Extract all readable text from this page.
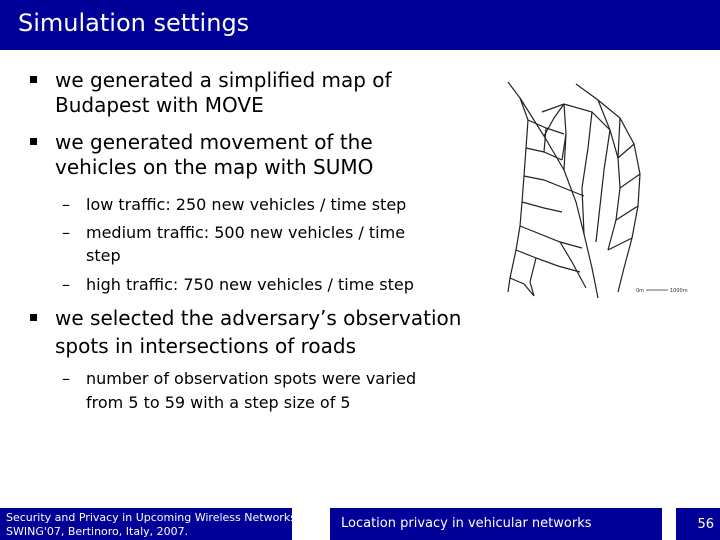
Simulation settings
we generated a simplified map of
Budapest with MOVE
we generated movement of the
vehicles on the map with SUMO
– low traffic: 250 new vehicles / time step
– medium traffic: 500 new vehicles / time
step
– high traffic: 750 new vehicles / time step
we selected the adversary’s observation
spots in intersections of roads
– number of observation spots were varied
from 5 to 59 with a step size of 5
0m	1000m
Security and Privacy in Upcoming Wireless Networks
SWING'07, Bertinoro, Italy, 2007.
Location privacy in vehicular networks	56
